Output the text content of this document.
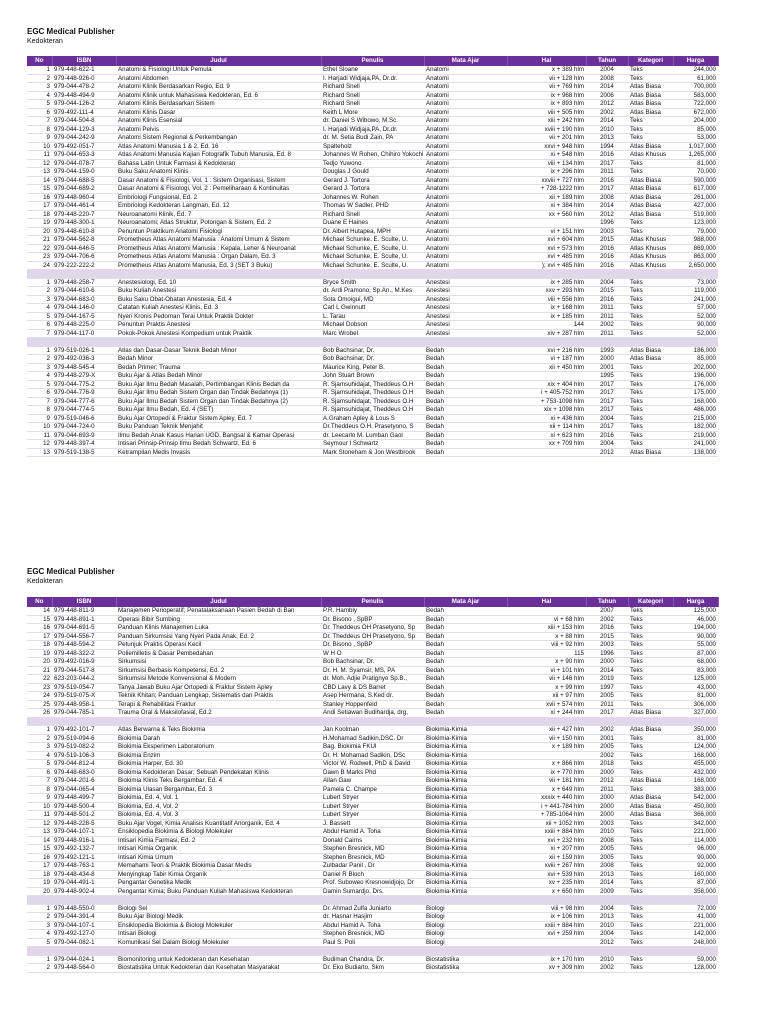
EGC Medical Publisher
Kedokteran
No	ISBN	Judul	Penulis	Mata Ajar	Hal	Tahun	Kategori	Harga
1	979-448-622-1	Anatomi & Fisiologi Untuk Pemula	Ethel Sloane	Anatomi	x + 389 hlm	2004	Teks	244,000
2	979-448-926-0	Anatomi Abdomen	I. Harjadi Widjaja,PA, Dr.dr.	Anatomi	vii + 128 hlm	2008	Teks	61,000
3	979-044-478-2	Anatomi Klinik Berdasarkan Regio, Ed. 9	Richard Snell	Anatomi	vii + 769 hlm	2014	Atlas Biasa	700,000
4	979-448-494-9	Anatomi Klinik untuk Mahasiswa Kedokteran, Ed. 6	Richard Snell	Anatomi	ix + 968 hlm	2006	Atlas Biasa	583,000
5	979-044-126-2	Anatomi Klinis Berdasarkan Sistem	Richard Snell	Anatomi	ix + 893 hlm	2012	Atlas Biasa	722,000
6	979-492-111-4	Anatomi Klinis Dasar	Keith L More	Anatomi	viii + 505 hlm	2002	Atlas Biasa	672,000
7	979-044-504-8	Anatomi Klinis Esensial	dr. Daniel S Wibowo, M.Sc.	Anatomi	xiii + 242 hlm	2014	Teks	204,000
8	979-044-129-3	Anatomi Pelvis	I. Harjadi Widjaja,PA, Dr.dr.	Anatomi	xviii + 190 hlm	2010	Teks	85,000
9	979-044-242-9	Anatomi Sistem Regional & Perkembangan	dr. M. Setia Budi Zain, PA	Anatomi	vii + 201 hlm	2013	Teks	53,000
10	979-492-051-7	Atlas Anatomi Manusia 1 & 2, Ed. 16	Spalteholz	Anatomi	xxvi + 948 hlm	1994	Atlas Biasa	1,017,000
11	979-044-653-3	Atlas Anatomi Manusia Kajian Fotografik Tubuh Manusia, Ed. 8	Johannes W Rohen, Chihiro Yokochi	Anatomi	xi + 548 hlm	2016	Atlas Khusus	1,265,000
12	979-044-078-7	Bahasa Latin Untuk Farmasi & Kedokteran	Tedjo Yuwono	Anatomi	viii + 134 hlm	2017	Teks	81,000
13	979-044-159-0	Buku Saku Anatomi Klinis	Douglas J Gould	Anatomi	ix + 296 hlm	2011	Teks	70,000
14	979-044-688-5	Dasar Anatomi & Fisiologi, Vol. 1 : Sistem Organisasi, Sistem	Gerard J. Tortora	Anatomi	xxviii + 727 hlm	2016	Atlas Biasa	590,000
15	979-044-689-2	Dasar Anatomi & Fisiologi, Vol. 2 : Pemeliharaan & Kontinuitas	Gerard J. Tortora	Anatomi	+ 728-1222 hlm	2017	Atlas Biasa	617,000
16	979-448-960-4	Embriologi Fungsional, Ed. 2	Johannes W. Rohen	Anatomi	xii + 189 hlm	2008	Atlas Biasa	261,000
17	979-044-461-4	Embriologi Kedokteran Langman, Ed. 12	Thomas W Sadler, PHD	Anatomi	xi + 384 hlm	2014	Atlas Biasa	427,000
18	979-448-220-7	Neuroanatomi Klinik, Ed. 7	Richard Snell	Anatomi	xx + 560 hlm	2012	Atlas Biasa	519,000
19	979-448-300-1	Neuroanatomi; Atlas Struktur, Potongan & Sistem, Ed. 2	Duane E Haines	Anatomi		1996	Teks	123,000
20	979-448-610-8	Penuntun Praktikum Anatomi Fisiologi	Dr. Albert Hutapea, MPH	Anatomi	vi + 151 hlm	2003	Teks	79,000
21	979-044-562-8	Prometheus Atlas Anatomi Manusia : Anatomi Umum & Sistem	Michael Schunke, E. Sculte, U.	Anatomi	xvi + 604 hlm	2015	Atlas Khusus	988,000
22	979-044-646-5	Prometheus Atlas Anatomi Manusia : Kepala, Leher & Neuroanat	Michael Schunke, E. Sculte, U.	Anatomi	xvi + 573 hlm	2016	Atlas Khusus	869,000
23	979-044-706-6	Prometheus Atlas Anatomi Manusia : Organ Dalam, Ed. 3	Michael Schunke, E. Sculte, U.	Anatomi	xvi + 485 hlm	2016	Atlas Khusus	863,000
24	979-222-222-2	Prometheus Atlas Anatomi Manusia, Ed. 3 (SET 3 Buku)	Michael Schunke, E. Sculte, U.	Anatomi	); xvi + 485 hlm	2016	Atlas Khusus	2,650,000

1	979-448-258-7	Anestesiologi, Ed. 10	Bryce Smith	Anestesi	ix + 285 hlm	2004	Teks	73,000
2	979-044-610-6	Buku Kuliah Anestesi	dr. Ardi Pramono, Sp.An., M.Kes	Anestesi	xxv + 293 hlm	2015	Teks	119,000
3	979-044-683-0	Buku Saku Obat-Obatan Anestesia, Ed. 4	Sota Omoigui, MD	Anestesi	viii + 556 hlm	2016	Teks	241,000
4	979-044-146-0	Catatan Kuliah Anestesi Klinis, Ed. 3	Carl L Gwinnutt	Anestesi	ix + 168 hlm	2011	Teks	57,000
5	979-044-167-5	Nyeri Kronis Pedoman Terai Untuk Praktik Dokter	L. Tarau	Anestesi	ix + 185 hlm	2011	Teks	52,000
6	979-448-225-0	Penuntun Praktis Anestesi	Michael Dobson	Anestesi	144	2002	Teks	90,000
7	979-044-117-0	Pokok-Pokok Anestesi Kompedium untuk Praktik	Marc Wrobel	Anestesi	xiv + 287 hlm	2011	Teks	52,000

1	979-519-026-1	Atlas dan Dasar-Dasar Teknik Bedah Minor	Bob Bachsinar, Dr.	Bedah	xvi + 216 hlm	1993	Atlas Biasa	186,000
2	979-492-036-3	Bedah Minor	Bob Bachsinar, Dr.	Bedah	vi + 187 hlm	2000	Atlas Biasa	85,000
3	979-448-545-4	Bedah Primer; Trauma	Maurice King, Peter B.	Bedah	xii + 450 hlm	2001	Teks	202,000
4	979-448-279-X	Buku Ajar & Atlas Bedah Minor	John Stuart Brown	Bedah		1995	Teks	196,000
5	979-044-775-2	Buku Ajar Ilmu Bedah Masalah, Pertimbangan Klinis Bedah da	R. Sjamsuhidajat, Theddeus O.H	Bedah	xix + 404 hlm	2017	Teks	176,000
6	979-044-776-9	Buku Ajar Ilmu Bedah Sistem Organ dan Tindak Bedahnya (1)	R. Sjamsuhidajat, Theddeus O.H	Bedah	i + 405-752 hlm	2017	Teks	175,000
7	979-044-777-6	Buku Ajar Ilmu Bedah Sistem Organ dan Tindak Bedahnya (2)	R. Sjamsuhidajat, Theddeus O.H	Bedah	+ 753-1098 hlm	2017	Teks	168,000
8	979-044-774-5	Buku Ajar Ilmu Bedah, Ed. 4 (SET)	R. Sjamsuhidajat, Theddeus O.H	Bedah	xix + 1098 hlm	2017	Teks	486,000
9	979-519-046-6	Buku Ajar Ortopedi & Fraktur Sistem Apley, Ed. 7	A.Graham Apley & Lous S	Bedah	xi + 436 hlm	2004	Teks	215,000
10	979-044-724-0	Buku Panduan Teknik Menjahit	Dr.Theddeus O.H. Prasetyono, S	Bedah	xii + 114 hlm	2017	Teks	182,000
11	979-044-693-9	Ilmu Bedah Anak Kasus Harian UGD, Bangsal & Kamar Operasi	dr. Leecarlo M. Lumban Gaol	Bedah	xi + 623 hlm	2016	Teks	219,000
12	979-448-397-4	Intisari Prinsip-Prinsip Ilmu Bedah Schwartz, Ed. 6	Seymour I Schwartz	Bedah	xx + 709 hlm	2004	Teks	241,000
13	979-519-138-5	Ketrampilan Medis Invasis	Mark Stoneham & Jon Westbrook	Bedah		2012	Atlas Biasa	138,000
EGC Medical Publisher
Kedokteran
No	ISBN	Judul	Penulis	Mata Ajar	Hal	Tahun	Kategori	Harga
14	979-448-811-9	Manajemen Perioperatif; Penatalaksanaan Pasien Bedah di Ban	P.R. Hambly	Bedah		2007	Teks	125,000
15	979-448-891-1	Operasi Bibir Sumbing	Dr. Bisono , SpBP	Bedah	vi + 68 hlm	2002	Teks	46,000
16	979-044-691-5	Panduan Klinis Manajemen Luka	Dr. Theddeus OH Prasetyono, Sp	Bedah	xiii + 153 hlm	2016	Teks	194,000
17	979-044-556-7	Panduan Sirkumsisi Yang Nyeri Pada Anak, Ed. 2	Dr. Theddeus OH Prasetyono, Sp	Bedah	x + 88 hlm	2015	Teks	90,000
18	979-448-594-2	Petunjuk Praktis Operasi Kecil	Dr. Bisono , SpBP	Bedah	viii + 92 hlm	2003	Teks	55,000
19	979-448-322-2	Poliemilletis & Dasar Pembedahan	W H O	Bedah	115	1996	Teks	87,000
20	979-492-016-9	Sirkumsisi	Bob Bachsinar, Dr.	Bedah	x + 90 hlm	2000	Teks	68,000
21	979-044-517-8	Sirkumsisi Berbasis Kompetensi, Ed. 2	Dr. H. M. Syamsir, MS, PA	Bedah	vi + 101 hlm	2014	Teks	83,000
22	623-203-044-2	Sirkumsisi Metode Konvensional & Modern	dr. Moh. Adjie Pratignyo Sp.B.,	Bedah	vii + 146 hlm	2019	Teks	125,000
23	979-519-054-7	Tanya Jawab Buku Ajar Ortopedi & Fraktur Sistem Apley	CBD Lavy & DS Barret	Bedah	x + 99 hlm	1997	Teks	43,000
24	979-519-075-X	Teknik Khitan; Panduan Lengkap, Sistematis dan Praktis	Asep Hermana, S.Ked dr.	Bedah	xii + 97 hlm	2005	Teks	81,000
25	979-448-958-1	Terapi & Rehabilitasi Fraktur	Stanley Hoppenfeld	Bedah	xvii + 574 hlm	2011	Teks	306,000
26	979-044-785-1	Trauma Oral & Maksilofasial, Ed.2	Andi Setiawan Budihardja, drg,	Bedah	xi + 244 hlm	2017	Atlas Biasa	327,000

1	979-492-101-7	Atlas Berwarna & Teks Biokimia	Jan Koolman	Biokimia-Kimia	xii + 427 hlm	2002	Atlas Biasa	350,000
2	979-519-094-6	Biokimia Darah	H.Mohamad Sadikin,DSC. Dr	Biokimia-Kimia	vii + 150 hlm	2001	Teks	81,000
3	979-519-082-2	Biokimia Eksperimen Laboratorium	Bag. Biokimia FKUI	Biokimia-Kimia	x + 189 hlm	2005	Teks	124,000
4	979-519-106-3	Biokimia Enzim	Dr. H. Mohamad Sadikin, DSc	Biokimia-Kimia		2002	Teks	168,000
5	979-044-812-4	Biokimia Harper, Ed. 30	Victor W. Rodwell, PhD & David	Biokimia-Kimia	x + 866 hlm	2018	Teks	455,000
6	979-448-683-0	Biokimia Kedokteran Dasar; Sebuah Pendekatan Klinis	Dawn B Marks Phd	Biokimia-Kimia	ix + 770 hlm	2000	Teks	432,000
7	979-044-201-6	Biokimia Klinis Teks Bergambar, Ed. 4	Allan Gaw	Biokimia-Kimia	vii + 181 hlm	2012	Atlas Biasa	168,000
8	979-044-065-4	Biokimia Ulasan Bergambar, Ed. 3	Pamela C. Champe	Biokimia-Kimia	x + 649 hlm	2011	Teks	383,000
9	979-448-499-7	Biokimia, Ed. 4, Vol. 1	Lubert Stryer	Biokimia-Kimia	xxxix + 440 hlm	2000	Atlas Biasa	542,000
10	979-448-500-4	Biokimia, Ed. 4, Vol. 2	Lubert Stryer	Biokimia-Kimia	i + 441-784 hlm	2000	Atlas Biasa	450,000
11	979-448-501-2	Biokimia, Ed. 4, Vol. 3	Lubert Stryer	Biokimia-Kimia	+ 785-1064 hlm	2000	Atlas Biasa	366,000
12	979-448-228-5	Buku Ajar Vogel, Kimia Analisis Kuantitatif Anorganik, Ed. 4	J. Bassett	Biokimia-Kimia	xii + 1052 hlm	2003	Teks	342,000
13	979-044-107-1	Ensiklopedia Biokimia & Biologi Molekuler	Abdul Hamid A. Toha	Biokimia-Kimia	xxiii + 884 hlm	2010	Teks	221,000
14	979-448-916-1	Intisari Kimia Farmasi, Ed. 2	Donald Cairns	Biokimia-Kimia	xvi + 232 hlm	2008	Teks	114,000
15	979-492-132-7	Intisari Kimia Organik	Stephen Bresnick, MD	Biokimia-Kimia	xi + 207 hlm	2005	Teks	96,000
16	979-492-121-1	Intisari Kimia Umum	Stephen Bresnick, MD	Biokimia-Kimia	xii + 159 hlm	2005	Teks	90,000
17	979-448-763-1	Memahami Teori & Praktik Biokimia Dasar Medis	Zulbadar Panil , Dr	Biokimia-Kimia	xviii + 267 hlm	2008	Teks	92,000
18	979-448-434-8	Menyingkap Tabir Kimia Organik	Daniel R Bloch	Biokimia-Kimia	xvi + 539 hlm	2013	Teks	160,000
19	979-044-491-1	Pengantar Genetika Medik	Prof. Suboweo Kresnowidjojo, Dr	Biokimia-Kimia	xv + 235 hlm	2014	Teks	87,000
20	979-448-902-4	Pengantar Kimia; Buku Panduan Kuliah Mahasiswa Kedokteran	Damin Sumardjo, Drs.	Biokimia-Kimia	x + 650 hlm	2009	Teks	358,000

1	979-448-550-0	Biologi Sel	Dr. Ahmad Zulfa Juniarto	Biologi	viii + 98 hlm	2004	Teks	72,000
2	979-044-391-4	Buku Ajar Biologi Medik	dr. Hasnar Hasjim	Biologi	ix + 106 hlm	2013	Teks	41,000
3	979-044-107-1	Ensiklopedia Biokimia & Biologi Molekuler	Abdul Hamid A. Toha	Biologi	xxiii + 884 hlm	2010	Teks	221,000
4	979-492-127-0	Intisari Biologi	Stephen Bresnick, MD	Biologi	xvi + 259 hlm	2004	Teks	142,000
5	979-044-082-1	Komunikasi Sel Dalam Biologi Molekuler	Paul S. Poli	Biologi		2012	Teks	248,000

1	979-044-024-1	Biomonitoring untuk Kedokteran dan Kesehatan	Budiman Chandra, Dr.	Biostatistika	ix + 170 hlm	2010	Teks	59,000
2	979-448-564-0	Biostatistika Untuk Kedokteran dan Kesehatan Masyarakat	Dr. Eko Budiarto, Skm	Biostatistika	xv + 309 hlm	2002	Teks	128,000
